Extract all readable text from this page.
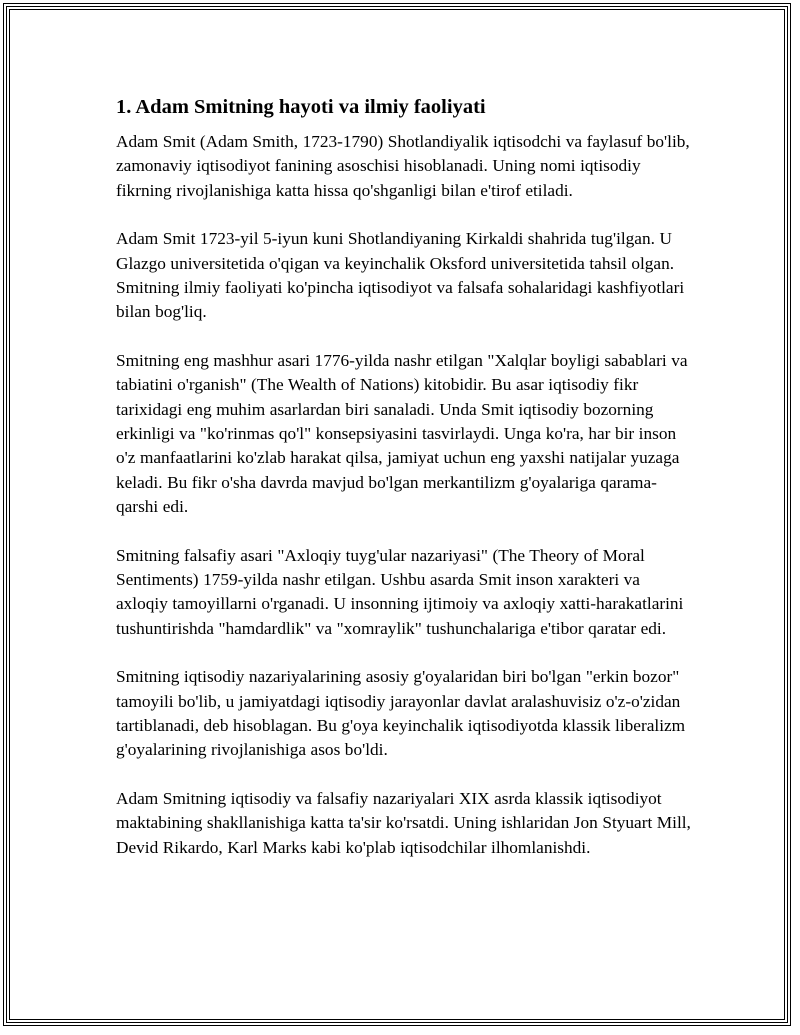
1. Adam Smitning hayoti va ilmiy faoliyati

Adam Smit (Adam Smith, 1723-1790) Shotlandiyalik iqtisodchi va faylasuf bo'lib, zamonaviy iqtisodiyot fanining asoschisi hisoblanadi. Uning nomi iqtisodiy fikrning rivojlanishiga katta hissa qo'shganligi bilan e'tirof etiladi.

Adam Smit 1723-yil 5-iyun kuni Shotlandiyaning Kirkaldi shahrida tug'ilgan. U Glazgo universitetida o'qigan va keyinchalik Oksford universitetida tahsil olgan. Smitning ilmiy faoliyati ko'pincha iqtisodiyot va falsafa sohalaridagi kashfiyotlari bilan bog'liq.

Smitning eng mashhur asari 1776-yilda nashr etilgan "Xalqlar boyligi sabablari va tabiatini o'rganish" (The Wealth of Nations) kitobidir. Bu asar iqtisodiy fikr tarixidagi eng muhim asarlardan biri sanaladi. Unda Smit iqtisodiy bozorning erkinligi va "ko'rinmas qo'l" konsepsiyasini tasvirlaydi. Unga ko'ra, har bir inson o'z manfaatlarini ko'zlab harakat qilsa, jamiyat uchun eng yaxshi natijalar yuzaga keladi. Bu fikr o'sha davrda mavjud bo'lgan merkantilizm g'oyalariga qarama-qarshi edi.

Smitning falsafiy asari "Axloqiy tuyg'ular nazariyasi" (The Theory of Moral Sentiments) 1759-yilda nashr etilgan. Ushbu asarda Smit inson xarakteri va axloqiy tamoyillarni o'rganadi. U insonning ijtimoiy va axloqiy xatti-harakatlarini tushuntirishda "hamdardlik" va "xomraylik" tushunchalariga e'tibor qaratar edi.

Smitning iqtisodiy nazariyalarining asosiy g'oyalaridan biri bo'lgan "erkin bozor" tamoyili bo'lib, u jamiyatdagi iqtisodiy jarayonlar davlat aralashuvisiz o'z-o'zidan tartiblanadi, deb hisoblagan. Bu g'oya keyinchalik iqtisodiyotda klassik liberalizm g'oyalarining rivojlanishiga asos bo'ldi.

Adam Smitning iqtisodiy va falsafiy nazariyalari XIX asrda klassik iqtisodiyot maktabining shakllanishiga katta ta'sir ko'rsatdi. Uning ishlaridan Jon Styuart Mill, Devid Rikardo, Karl Marks kabi ko'plab iqtisodchilar ilhomlanishdi.
